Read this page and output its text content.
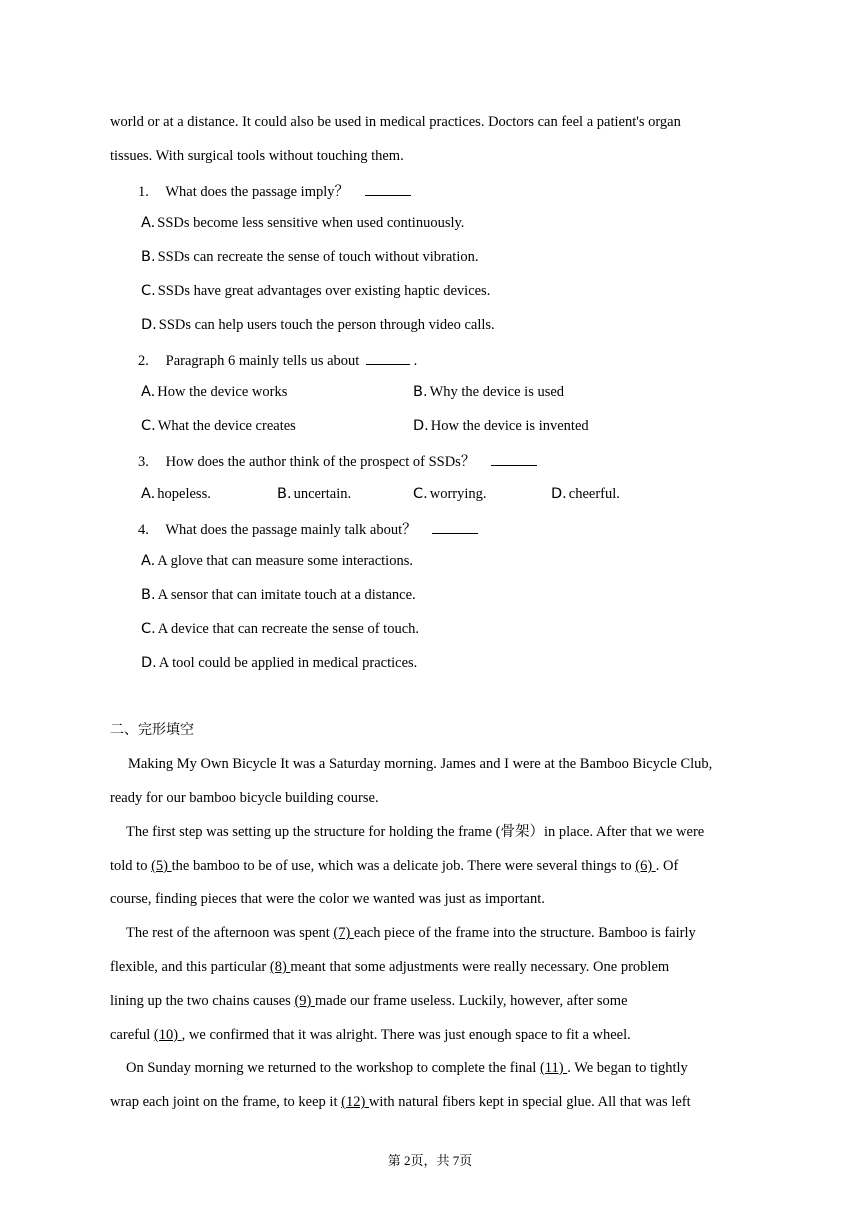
world or at a distance. It could also be used in medical practices. Doctors can feel a patient's organ
tissues. With surgical tools without touching them.
1. What does the passage imply？
A. SSDs become less sensitive when used continuously.
B. SSDs can recreate the sense of touch without vibration.
C. SSDs have great advantages over existing haptic devices.
D. SSDs can help users touch the person through video calls.
2. Paragraph 6 mainly tells us about	.
A. How the device works	B. Why the device is used
C. What the device creates	D. How the device is invented
3. How does the author think of the prospect of SSDs？
A. hopeless.	B. uncertain.	C. worrying.	D. cheerful.
4. What does the passage mainly talk about？
A. A glove that can measure some interactions.
B. A sensor that can imitate touch at a distance.
C. A device that can recreate the sense of touch.
D. A tool could be applied in medical practices.
二、完形填空
Making My Own Bicycle It was a Saturday morning. James and I were at the Bamboo Bicycle Club,
ready for our bamboo bicycle building course.
The first step was setting up the structure for holding the frame (骨架）in place. After that we were
told to (5) the bamboo to be of use, which was a delicate job. There were several things to (6) . Of
course, finding pieces that were the color we wanted was just as important.
The rest of the afternoon was spent (7) each piece of the frame into the structure. Bamboo is fairly
flexible, and this particular (8) meant that some adjustments were really necessary. One problem
lining up the two chains causes (9) made our frame useless. Luckily, however, after some
careful (10) , we confirmed that it was alright. There was just enough space to fit a wheel.
On Sunday morning we returned to the workshop to complete the final (11) . We began to tightly
wrap each joint on the frame, to keep it (12) with natural fibers kept in special glue. All that was left
第 2页，共 7页
